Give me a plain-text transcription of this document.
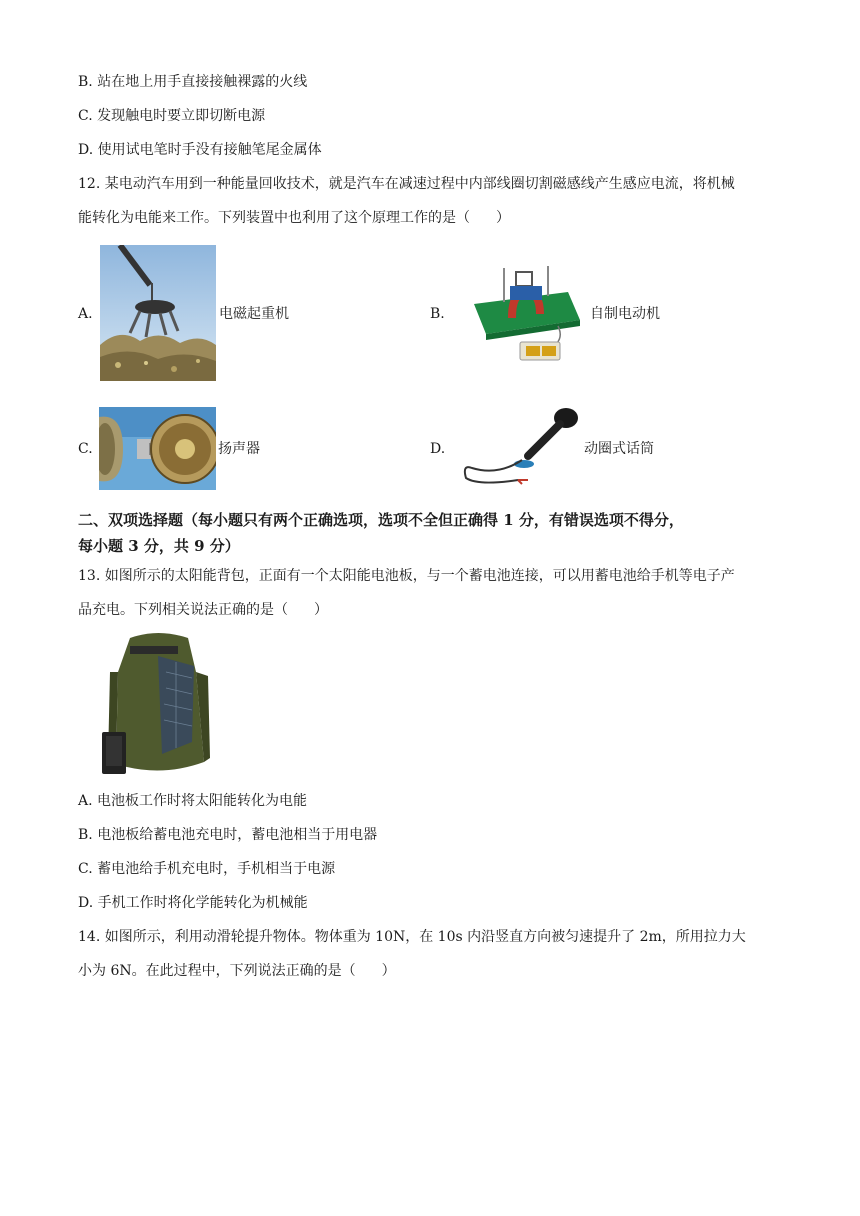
B. 站在地上用手直接接触裸露的火线
C. 发现触电时要立即切断电源
D. 使用试电笔时手没有接触笔尾金属体
12. 某电动汽车用到一种能量回收技术，就是汽车在减速过程中内部线圈切割磁感线产生感应电流，将机械
能转化为电能来工作。下列装置中也利用了这个原理工作的是（ ）
A.	电磁起重机	B.	自制电动机
C.	扬声器	D.	动圈式话筒
二、双项选择题（每小题只有两个正确选项，选项不全但正确得 1 分，有错误选项不得分，
每小题 3 分，共 9 分）
13. 如图所示的太阳能背包，正面有一个太阳能电池板，与一个蓄电池连接，可以用蓄电池给手机等电子产
品充电。下列相关说法正确的是（ ）
A. 电池板工作时将太阳能转化为电能
B. 电池板给蓄电池充电时，蓄电池相当于用电器
C. 蓄电池给手机充电时，手机相当于电源
D. 手机工作时将化学能转化为机械能
14. 如图所示，利用动滑轮提升物体。物体重为 10N，在 10s 内沿竖直方向被匀速提升了 2m，所用拉力大
小为 6N。在此过程中，下列说法正确的是（ ）
